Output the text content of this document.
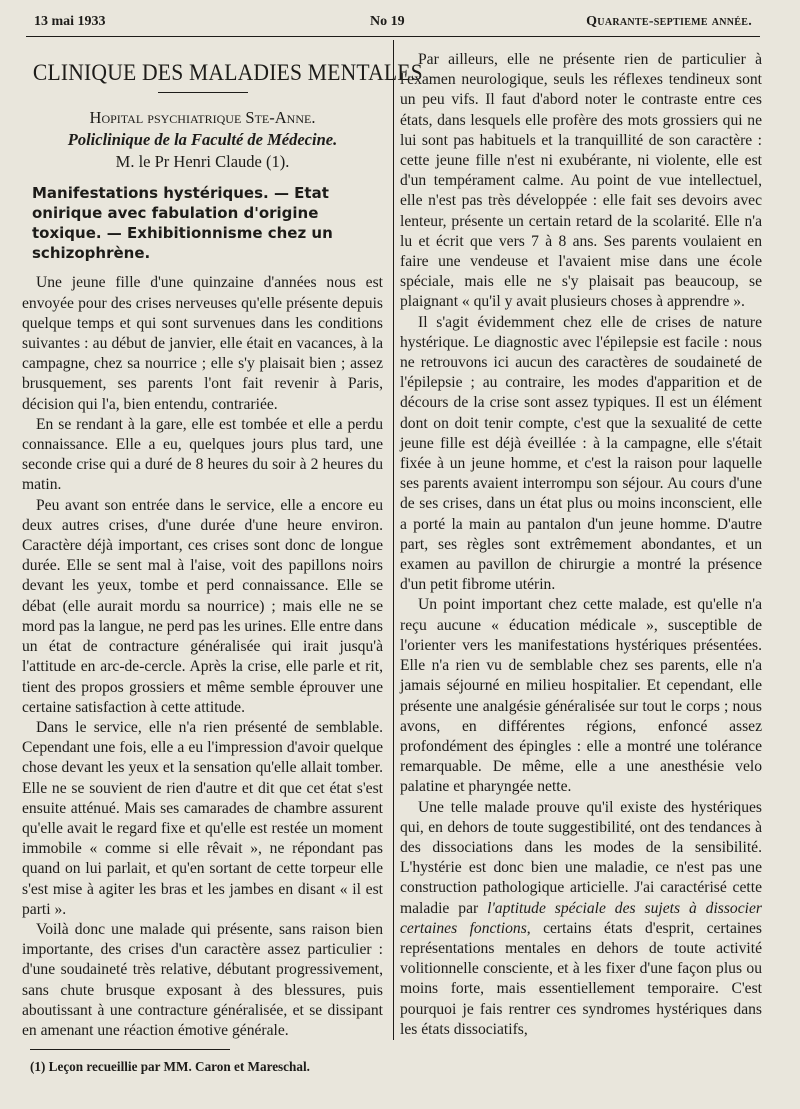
13 mai 1933	No 19	Quarante-septieme année.
CLINIQUE DES MALADIES MENTALES

Hopital psychiatrique Ste-Anne.

Policlinique de la Faculté de Médecine.

M. le Pr Henri Claude (1).

Manifestations hystériques. — Etat onirique avec fabulation d'origine toxique. — Exhibitionnisme chez un schizophrène.

Une jeune fille d'une quinzaine d'années nous est envoyée pour des crises nerveuses qu'elle présente depuis quelque temps et qui sont survenues dans les conditions suivantes : au début de janvier, elle était en vacances, à la campagne, chez sa nourrice ; elle s'y plaisait bien ; assez brusquement, ses parents l'ont fait revenir à Paris, décision qui l'a, bien entendu, contrariée.

En se rendant à la gare, elle est tombée et elle a perdu connaissance. Elle a eu, quelques jours plus tard, une seconde crise qui a duré de 8 heures du soir à 2 heures du matin.

Peu avant son entrée dans le service, elle a encore eu deux autres crises, d'une durée d'une heure environ. Caractère déjà important, ces crises sont donc de longue durée. Elle se sent mal à l'aise, voit des papillons noirs devant les yeux, tombe et perd connaissance. Elle se débat (elle aurait mordu sa nourrice) ; mais elle ne se mord pas la langue, ne perd pas les urines. Elle entre dans un état de contracture généralisée qui irait jusqu'à l'attitude en arc-de-cercle. Après la crise, elle parle et rit, tient des propos grossiers et même semble éprouver une certaine satisfaction à cette attitude.

Dans le service, elle n'a rien présenté de semblable. Cependant une fois, elle a eu l'impression d'avoir quelque chose devant les yeux et la sensation qu'elle allait tomber. Elle ne se souvient de rien d'autre et dit que cet état s'est ensuite atténué. Mais ses camarades de chambre assurent qu'elle avait le regard fixe et qu'elle est restée un moment immobile « comme si elle rêvait », ne répondant pas quand on lui parlait, et qu'en sortant de cette torpeur elle s'est mise à agiter les bras et les jambes en disant « il est parti ».

Voilà donc une malade qui présente, sans raison bien importante, des crises d'un caractère assez particulier : d'une soudaineté très relative, débutant progressivement, sans chute brusque exposant à des blessures, puis aboutissant à une contracture généralisée, et se dissipant en amenant une réaction émotive générale.

(1) Leçon recueillie par MM. Caron et Mareschal.

Par ailleurs, elle ne présente rien de particulier à l'examen neurologique, seuls les réflexes tendineux sont un peu vifs. Il faut d'abord noter le contraste entre ces états, dans lesquels elle profère des mots grossiers qui ne lui sont pas habituels et la tranquillité de son caractère : cette jeune fille n'est ni exubérante, ni violente, elle est d'un tempérament calme. Au point de vue intellectuel, elle n'est pas très développée : elle fait ses devoirs avec lenteur, présente un certain retard de la scolarité. Elle n'a lu et écrit que vers 7 à 8 ans. Ses parents voulaient en faire une vendeuse et l'avaient mise dans une école spéciale, mais elle ne s'y plaisait pas beaucoup, se plaignant « qu'il y avait plusieurs choses à apprendre ».

Il s'agit évidemment chez elle de crises de nature hystérique. Le diagnostic avec l'épilepsie est facile : nous ne retrouvons ici aucun des caractères de soudaineté de l'épilepsie ; au contraire, les modes d'apparition et de décours de la crise sont assez typiques. Il est un élément dont on doit tenir compte, c'est que la sexualité de cette jeune fille est déjà éveillée : à la campagne, elle s'était fixée à un jeune homme, et c'est la raison pour laquelle ses parents avaient interrompu son séjour. Au cours d'une de ses crises, dans un état plus ou moins inconscient, elle a porté la main au pantalon d'un jeune homme. D'autre part, ses règles sont extrêmement abondantes, et un examen au pavillon de chirurgie a montré la présence d'un petit fibrome utérin.

Un point important chez cette malade, est qu'elle n'a reçu aucune « éducation médicale », susceptible de l'orienter vers les manifestations hystériques présentées. Elle n'a rien vu de semblable chez ses parents, elle n'a jamais séjourné en milieu hospitalier. Et cependant, elle présente une analgésie généralisée sur tout le corps ; nous avons, en différentes régions, enfoncé assez profondément des épingles : elle a montré une tolérance remarquable. De même, elle a une anesthésie velo palatine et pharyngée nette.

Une telle malade prouve qu'il existe des hystériques qui, en dehors de toute suggestibilité, ont des tendances à des dissociations dans les modes de la sensibilité. L'hystérie est donc bien une maladie, ce n'est pas une construction pathologique articielle. J'ai caractérisé cette maladie par l'aptitude spéciale des sujets à dissocier certaines fonctions, certains états d'esprit, certaines représentations mentales en dehors de toute activité volitionnelle consciente, et à les fixer d'une façon plus ou moins forte, mais essentiellement temporaire. C'est pourquoi je fais rentrer ces syndromes hystériques dans les états dissociatifs,
